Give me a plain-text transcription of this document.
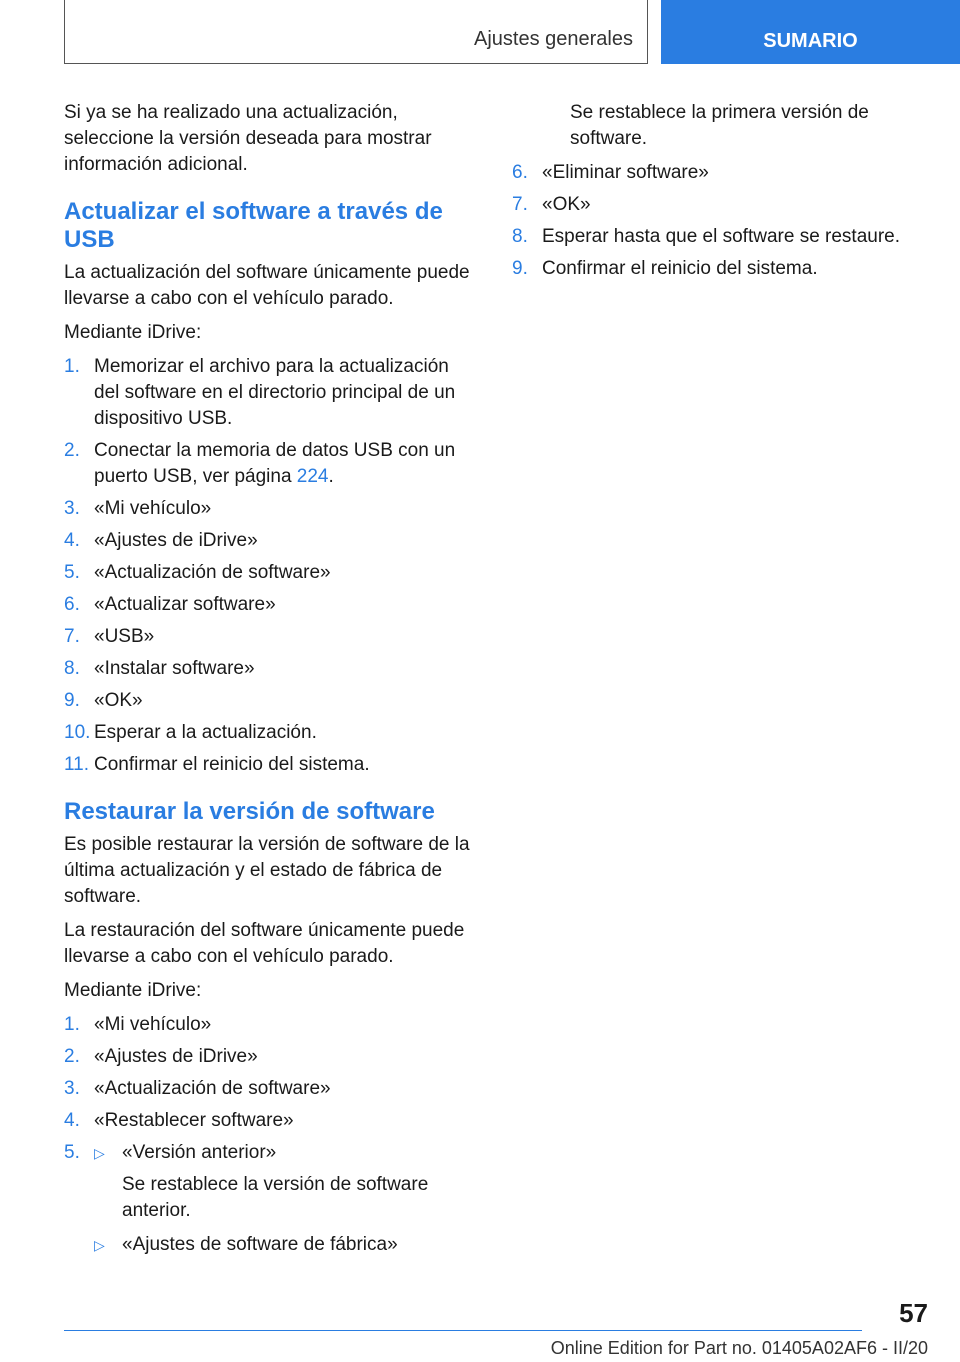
Ajustes generales	SUMARIO

Si ya se ha realizado una actualización, seleccione la versión deseada para mostrar información adicional.

Actualizar el software a través de USB

La actualización del software únicamente puede llevarse a cabo con el vehículo parado.

Mediante iDrive:

1. Memorizar el archivo para la actualización del software en el directorio principal de un dispositivo USB.
2. Conectar la memoria de datos USB con un puerto USB, ver página 224.
3. «Mi vehículo»
4. «Ajustes de iDrive»
5. «Actualización de software»
6. «Actualizar software»
7. «USB»
8. «Instalar software»
9. «OK»
10. Esperar a la actualización.
11. Confirmar el reinicio del sistema.
Restaurar la versión de software

Es posible restaurar la versión de software de la última actualización y el estado de fábrica de software.

La restauración del software únicamente puede llevarse a cabo con el vehículo parado.

Mediante iDrive:

1. «Mi vehículo»
2. «Ajustes de iDrive»
3. «Actualización de software»
4. «Restablecer software»
5. ▷ «Versión anterior»
Se restablece la versión de software anterior.
▷ «Ajustes de software de fábrica»
Se restablece la primera versión de software.
6. «Eliminar software»
7. «OK»
8. Esperar hasta que el software se restaure.
9. Confirmar el reinicio del sistema.
57
Online Edition for Part no. 01405A02AF6 - II/20
